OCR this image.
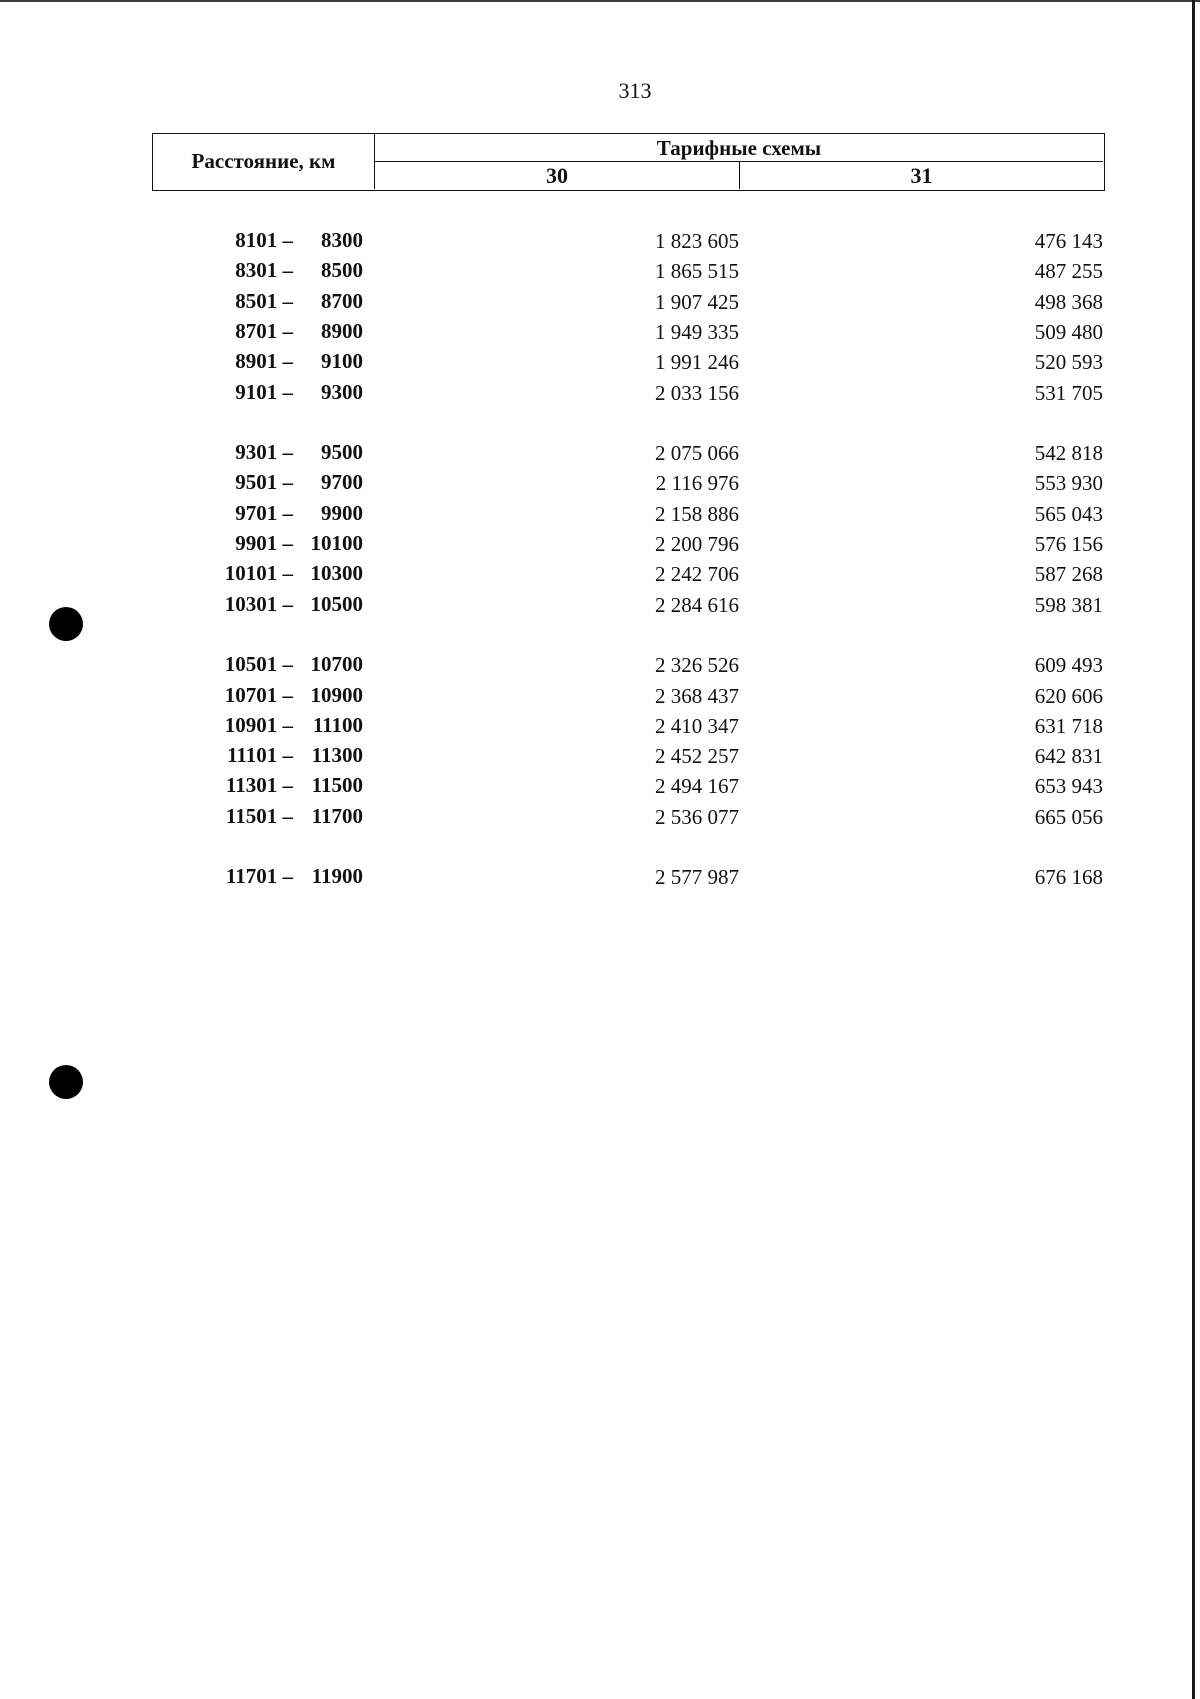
313
Расстояние, км
Тарифные схемы
30	31
8101 –	8300	1 823 605	476 143
8301 –	8500	1 865 515	487 255
8501 –	8700	1 907 425	498 368
8701 –	8900	1 949 335	509 480
8901 –	9100	1 991 246	520 593
9101 –	9300	2 033 156	531 705
9301 –	9500	2 075 066	542 818
9501 –	9700	2 116 976	553 930
9701 –	9900	2 158 886	565 043
9901 – 10100	2 200 796	576 156
10101 – 10300	2 242 706	587 268
10301 – 10500	2 284 616	598 381
10501 – 10700	2 326 526	609 493
10701 – 10900	2 368 437	620 606
10901 – 11100	2 410 347	631 718
11101 – 11300	2 452 257	642 831
11301 – 11500	2 494 167	653 943
11501 – 11700	2 536 077	665 056
11701 – 11900	2 577 987	676 168
